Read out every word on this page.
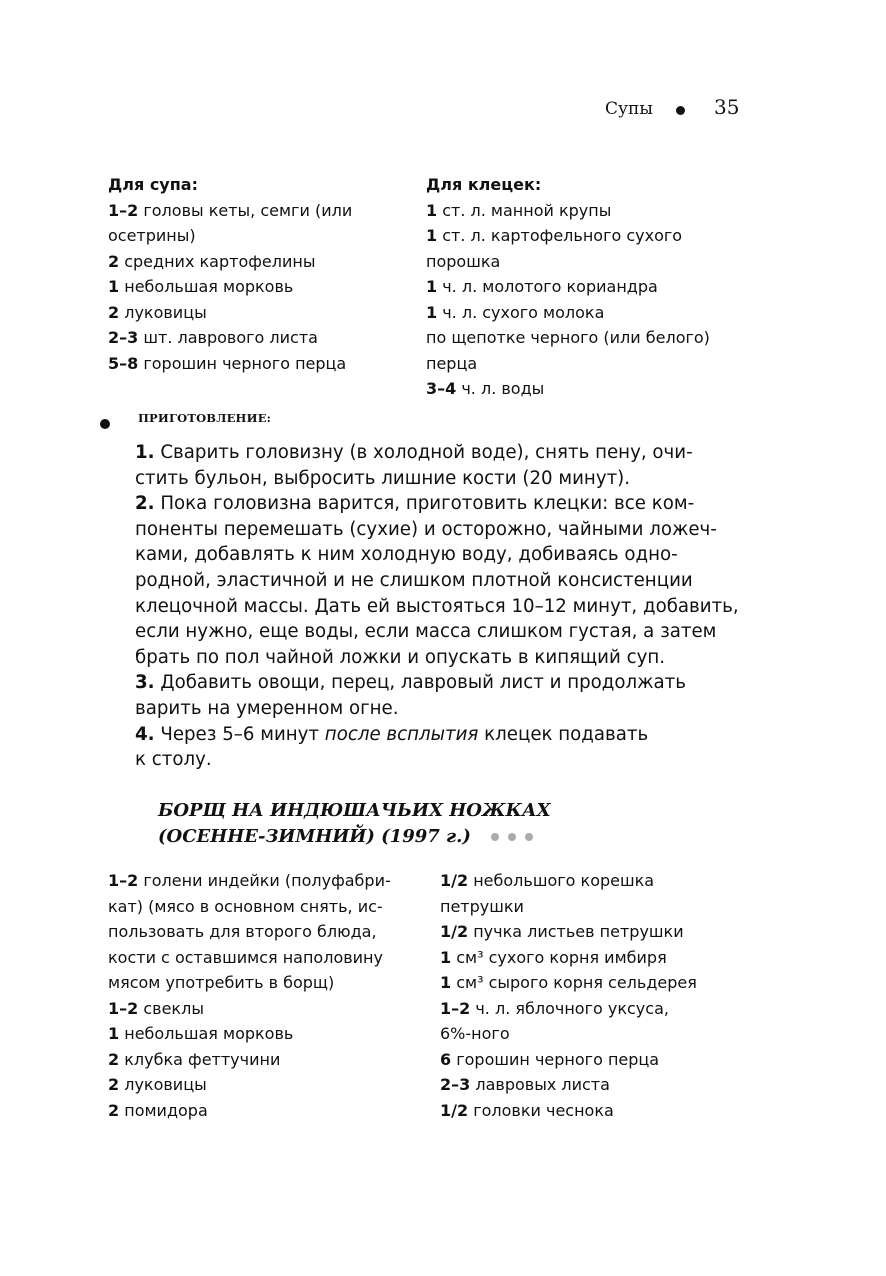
Супы	35
Для супа:
1–2 головы кеты, семги (или
осетрины)
2 средних картофелины
1 небольшая морковь
2 луковицы
2–3 шт. лаврового листа
5–8 горошин черного перца
Для клецек:
1 ст. л. манной крупы
1 ст. л. картофельного сухого
порошка
1 ч. л. молотого кориандра
1 ч. л. сухого молока
по щепотке черного (или белого)
перца
3–4 ч. л. воды
ПРИГОТОВЛЕНИЕ:
1. Сварить головизну (в холодной воде), снять пену, очи-
стить бульон, выбросить лишние кости (20 минут).
2. Пока головизна варится, приготовить клецки: все ком-
поненты перемешать (сухие) и осторожно, чайными ложеч-
ками, добавлять к ним холодную воду, добиваясь одно-
родной, эластичной и не слишком плотной консистенции
клецочной массы. Дать ей выстояться 10–12 минут, добавить,
если нужно, еще воды, если масса слишком густая, а затем
брать по пол чайной ложки и опускать в кипящий суп.
3. Добавить овощи, перец, лавровый лист и продолжать
варить на умеренном огне.
4. Через 5–6 минут после всплытия клецек подавать
к столу.
БОРЩ НА ИНДЮШАЧЬИХ НОЖКАХ
(ОСЕННЕ-ЗИМНИЙ) (1997 г.)
1–2 голени индейки (полуфабри-
кат) (мясо в основном снять, ис-
пользовать для второго блюда,
кости с оставшимся наполовину
мясом употребить в борщ)
1–2 свеклы
1 небольшая морковь
2 клубка феттучини
2 луковицы
2 помидора
1/2 небольшого корешка
петрушки
1/2 пучка листьев петрушки
1 см³ сухого корня имбиря
1 см³ сырого корня сельдерея
1–2 ч. л. яблочного уксуса,
6%-ного
6 горошин черного перца
2–3 лавровых листа
1/2 головки чеснока
